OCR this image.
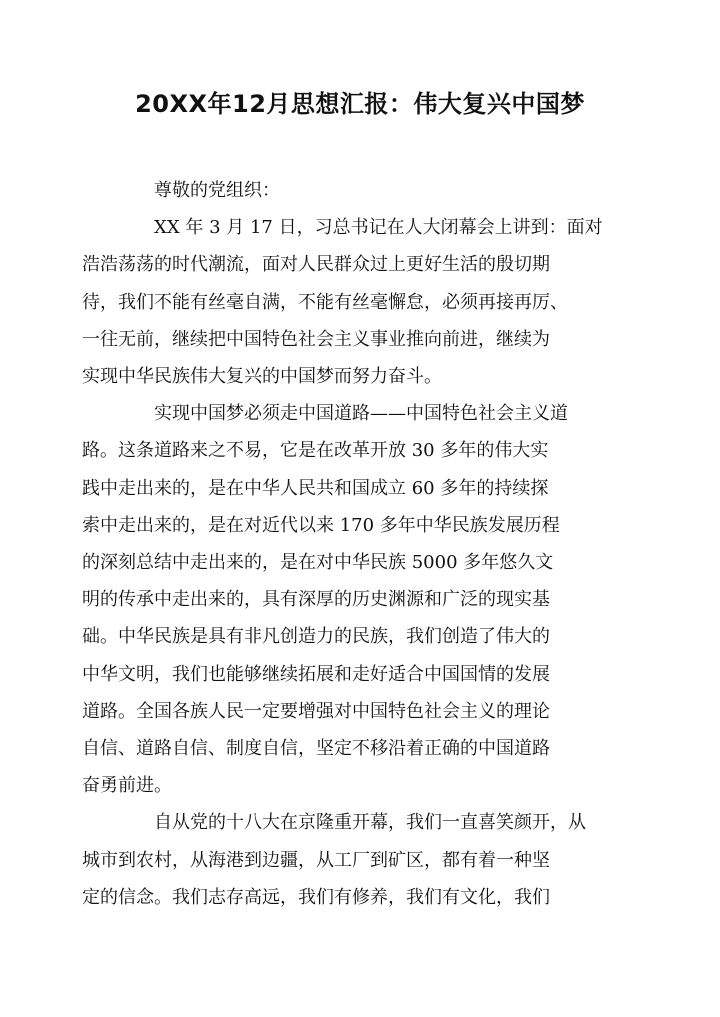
20XX年12月思想汇报：伟大复兴中国梦

尊敬的党组织：

XX 年 3 月 17 日，习总书记在人大闭幕会上讲到：面对
浩浩荡荡的时代潮流，面对人民群众过上更好生活的殷切期
待，我们不能有丝毫自满，不能有丝毫懈怠，必须再接再厉、
一往无前，继续把中国特色社会主义事业推向前进，继续为
实现中华民族伟大复兴的中国梦而努力奋斗。

实现中国梦必须走中国道路——中国特色社会主义道
路。这条道路来之不易，它是在改革开放 30 多年的伟大实
践中走出来的，是在中华人民共和国成立 60 多年的持续探
索中走出来的，是在对近代以来 170 多年中华民族发展历程
的深刻总结中走出来的，是在对中华民族 5000 多年悠久文
明的传承中走出来的，具有深厚的历史渊源和广泛的现实基
础。中华民族是具有非凡创造力的民族，我们创造了伟大的
中华文明，我们也能够继续拓展和走好适合中国国情的发展
道路。全国各族人民一定要增强对中国特色社会主义的理论
自信、道路自信、制度自信，坚定不移沿着正确的中国道路
奋勇前进。

自从党的十八大在京隆重开幕，我们一直喜笑颜开，从
城市到农村，从海港到边疆，从工厂到矿区，都有着一种坚
定的信念。我们志存高远，我们有修养，我们有文化，我们
